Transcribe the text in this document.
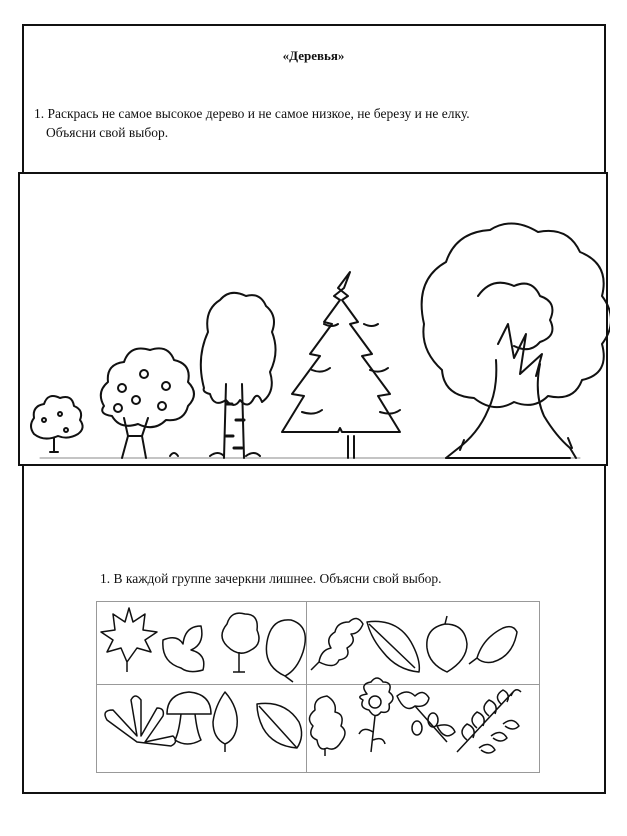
«Деревья»
1. Раскрась не самое высокое дерево и не самое низкое, не березу и не елку.
Объясни свой выбор.
1. В каждой группе зачеркни лишнее. Объясни свой выбор.
